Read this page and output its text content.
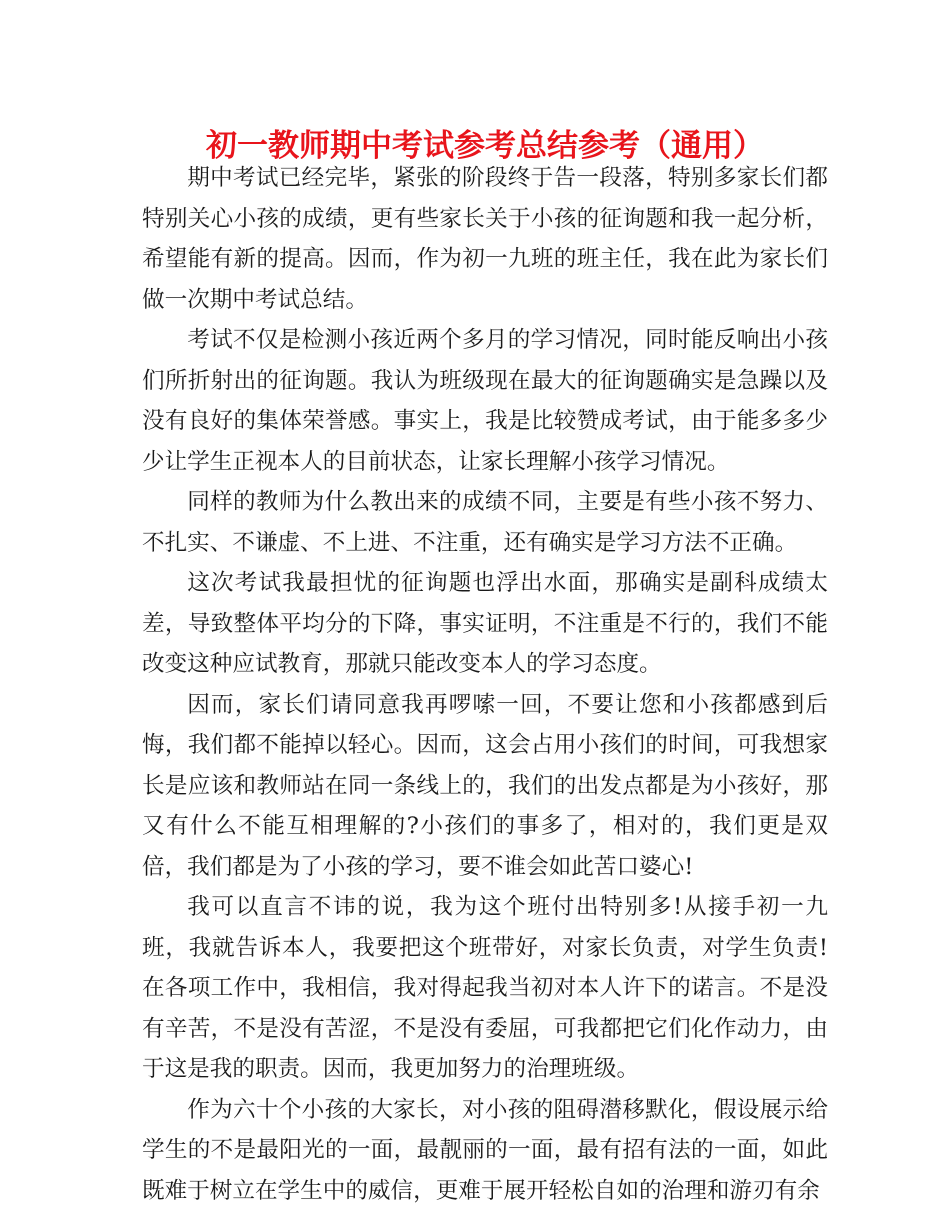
初一教师期中考试参考总结参考（通用）

期中考试已经完毕，紧张的阶段终于告一段落，特别多家长们都特别关心小孩的成绩，更有些家长关于小孩的征询题和我一起分析，希望能有新的提高。因而，作为初一九班的班主任，我在此为家长们做一次期中考试总结。

考试不仅是检测小孩近两个多月的学习情况，同时能反响出小孩们所折射出的征询题。我认为班级现在最大的征询题确实是急躁以及没有良好的集体荣誉感。事实上，我是比较赞成考试，由于能多多少少让学生正视本人的目前状态，让家长理解小孩学习情况。

同样的教师为什么教出来的成绩不同，主要是有些小孩不努力、不扎实、不谦虚、不上进、不注重，还有确实是学习方法不正确。

这次考试我最担忧的征询题也浮出水面，那确实是副科成绩太差，导致整体平均分的下降，事实证明，不注重是不行的，我们不能改变这种应试教育，那就只能改变本人的学习态度。

因而，家长们请同意我再啰嗦一回，不要让您和小孩都感到后悔，我们都不能掉以轻心。因而，这会占用小孩们的时间，可我想家长是应该和教师站在同一条线上的，我们的出发点都是为小孩好，那又有什么不能互相理解的?小孩们的事多了，相对的，我们更是双倍，我们都是为了小孩的学习，要不谁会如此苦口婆心!

我可以直言不讳的说，我为这个班付出特别多!从接手初一九班，我就告诉本人，我要把这个班带好，对家长负责，对学生负责!在各项工作中，我相信，我对得起我当初对本人许下的诺言。不是没有辛苦，不是没有苦涩，不是没有委屈，可我都把它们化作动力，由于这是我的职责。因而，我更加努力的治理班级。

作为六十个小孩的大家长，对小孩的阻碍潜移默化，假设展示给学生的不是最阳光的一面，最靓丽的一面，最有招有法的一面，如此既难于树立在学生中的威信，更难于展开轻松自如的治理和游刃有余
